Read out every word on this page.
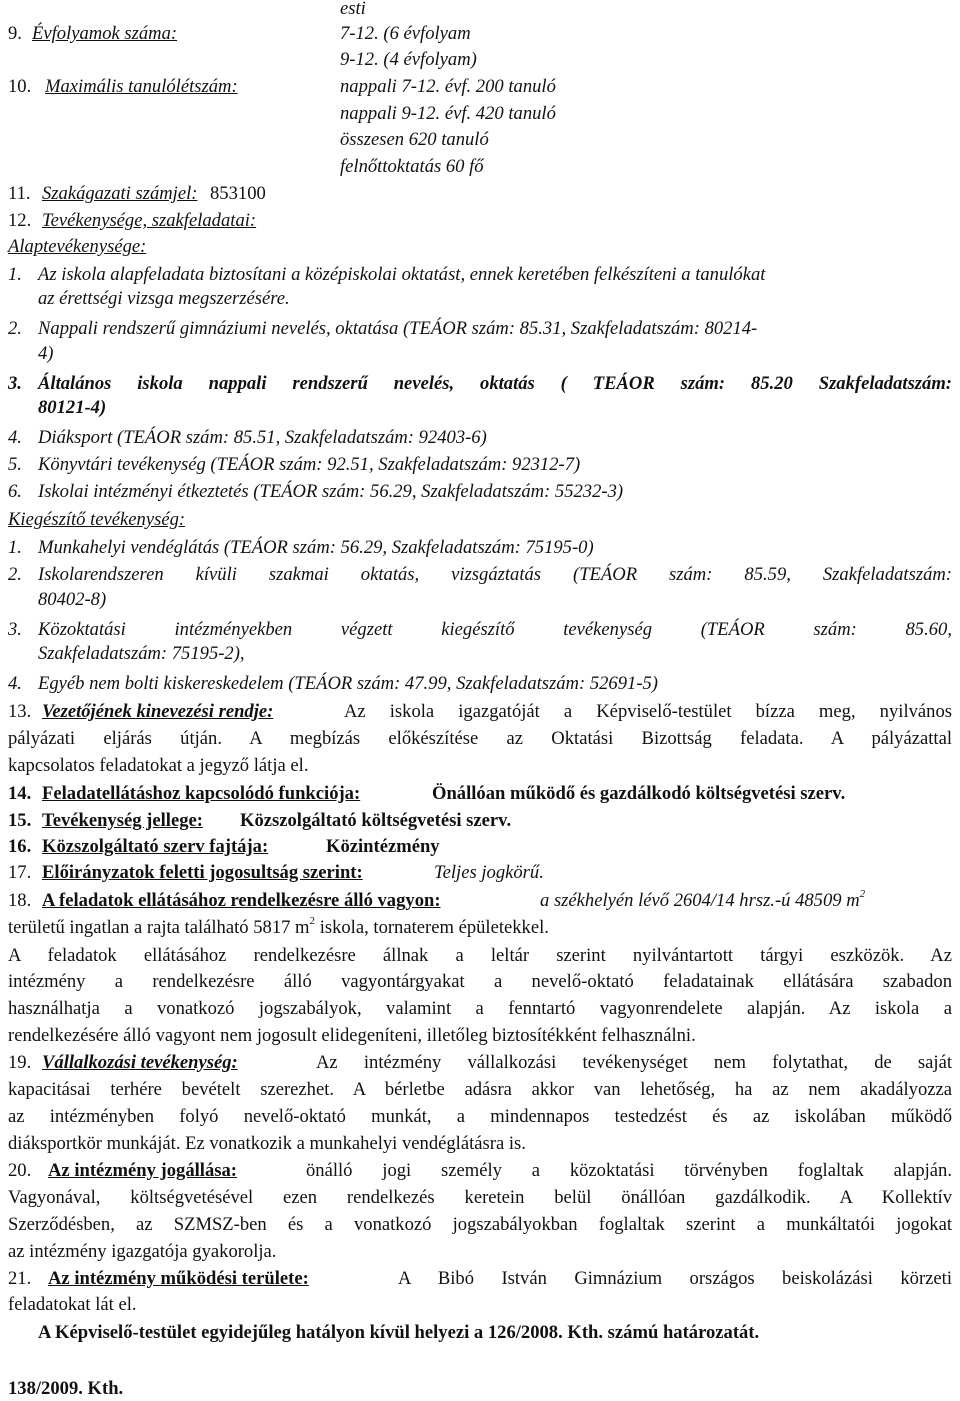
esti
9. Évfolyamok száma:	7-12. (6 évfolyam
9-12. (4 évfolyam)
10. Maximális tanulólétszám:	nappali 7-12. évf. 200 tanuló
nappali 9-12. évf. 420 tanuló
összesen 620 tanuló
felnőttoktatás 60 fő
11. Szakágazati számjel: 853100
12. Tevékenysége, szakfeladatai:
Alaptevékenysége:
1. Az iskola alapfeladata biztosítani a középiskolai oktatást, ennek keretében felkészíteni a tanulókat
az érettségi vizsga megszerzésére.
2. Nappali rendszerű gimnáziumi nevelés, oktatása (TEÁOR szám: 85.31, Szakfeladatszám: 80214-
4)
3. Általános iskola nappali rendszerű nevelés, oktatás ( TEÁOR szám: 85.20 Szakfeladatszám:
80121-4)
4. Diáksport (TEÁOR szám: 85.51, Szakfeladatszám: 92403-6)
5. Könyvtári tevékenység (TEÁOR szám: 92.51, Szakfeladatszám: 92312-7)
6. Iskolai intézményi étkeztetés (TEÁOR szám: 56.29, Szakfeladatszám: 55232-3)
Kiegészítő tevékenység:
1. Munkahelyi vendéglátás (TEÁOR szám: 56.29, Szakfeladatszám: 75195-0)
2. Iskolarendszeren kívüli szakmai oktatás, vizsgáztatás (TEÁOR szám: 85.59, Szakfeladatszám:
80402-8)
3. Közoktatási intézményekben végzett kiegészítő tevékenység (TEÁOR szám: 85.60,
Szakfeladatszám: 75195-2),
4. Egyéb nem bolti kiskereskedelem (TEÁOR szám: 47.99, Szakfeladatszám: 52691-5)
13. Vezetőjének kinevezési rendje:	Az iskola igazgatóját a Képviselő-testület bízza meg, nyilvános
pályázati eljárás útján. A megbízás előkészítése az Oktatási Bizottság feladata. A pályázattal
kapcsolatos feladatokat a jegyző látja el.
14. Feladatellátáshoz kapcsolódó funkciója:	Önállóan működő és gazdálkodó költségvetési szerv.
15. Tevékenység jellege: Közszolgáltató költségvetési szerv.
16. Közszolgáltató szerv fajtája:	Közintézmény
17. Előirányzatok feletti jogosultság szerint:	Teljes jogkörű.
18. A feladatok ellátásához rendelkezésre álló vagyon:	a székhelyén lévő 2604/14 hrsz.-ú 48509 $m^2$
területű ingatlan a rajta található 5817 $m^2$ iskola, tornaterem épületekkel.
A feladatok ellátásához rendelkezésre állnak a leltár szerint nyilvántartott tárgyi eszközök. Az
intézmény a rendelkezésre álló vagyontárgyakat a nevelő-oktató feladatainak ellátására szabadon
használhatja a vonatkozó jogszabályok, valamint a fenntartó vagyonrendelete alapján. Az iskola a
rendelkezésére álló vagyont nem jogosult elidegeníteni, illetőleg biztosítékként felhasználni.
19. Vállalkozási tevékenység:	Az intézmény vállalkozási tevékenységet nem folytathat, de saját
kapacitásai terhére bevételt szerezhet. A bérletbe adásra akkor van lehetőség, ha az nem akadályozza
az intézményben folyó nevelő-oktató munkát, a mindennapos testedzést és az iskolában működő
diáksportkör munkáját. Ez vonatkozik a munkahelyi vendéglátásra is.
20. Az intézmény jogállása:	önálló jogi személy a közoktatási törvényben foglaltak alapján.
Vagyonával, költségvetésével ezen rendelkezés keretein belül önállóan gazdálkodik. A Kollektív
Szerződésben, az SZMSZ-ben és a vonatkozó jogszabályokban foglaltak szerint a munkáltatói jogokat
az intézmény igazgatója gyakorolja.
21. Az intézmény működési területe:	A Bibó István Gimnázium országos beiskolázási körzeti
feladatokat lát el.
A Képviselő-testület egyidejűleg hatályon kívül helyezi a 126/2008. Kth. számú határozatát.
138/2009. Kth.
